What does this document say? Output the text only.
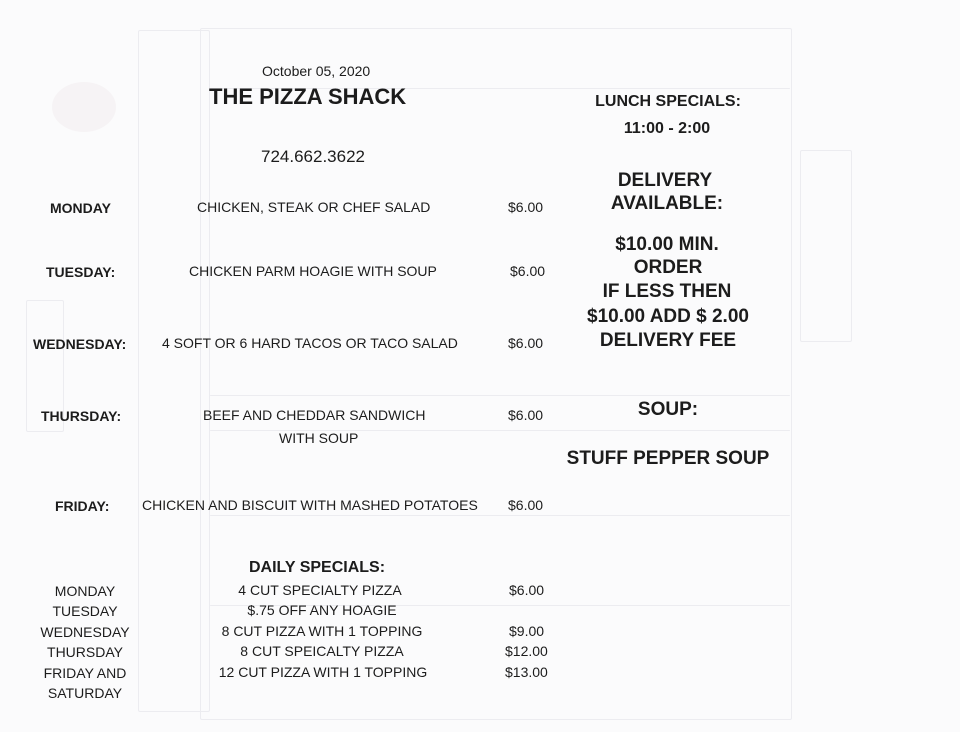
October 05, 2020
THE PIZZA SHACK
724.662.3622
MONDAY	CHICKEN, STEAK OR CHEF SALAD	$6.00
TUESDAY:	CHICKEN PARM HOAGIE WITH SOUP	$6.00
WEDNESDAY:	4 SOFT OR 6 HARD TACOS OR TACO SALAD	$6.00
THURSDAY:	BEEF AND CHEDDAR SANDWICH
WITH SOUP
$6.00
FRIDAY: CHICKEN AND BISCUIT WITH MASHED POTATOES $6.00
DAILY SPECIALS:
MONDAY	4 CUT SPECIALTY PIZZA	$6.00
TUESDAY	$.75 OFF ANY HOAGIE
WEDNESDAY	8 CUT PIZZA WITH 1 TOPPING	$9.00
THURSDAY	8 CUT SPEICALTY PIZZA	$12.00
FRIDAY AND	12 CUT PIZZA WITH 1 TOPPING	$13.00
SATURDAY
LUNCH SPECIALS:
11:00 - 2:00
DELIVERY
AVAILABLE:
$10.00 MIN.
ORDER
IF LESS THEN
$10.00 ADD $ 2.00
DELIVERY FEE
SOUP:
STUFF PEPPER SOUP
